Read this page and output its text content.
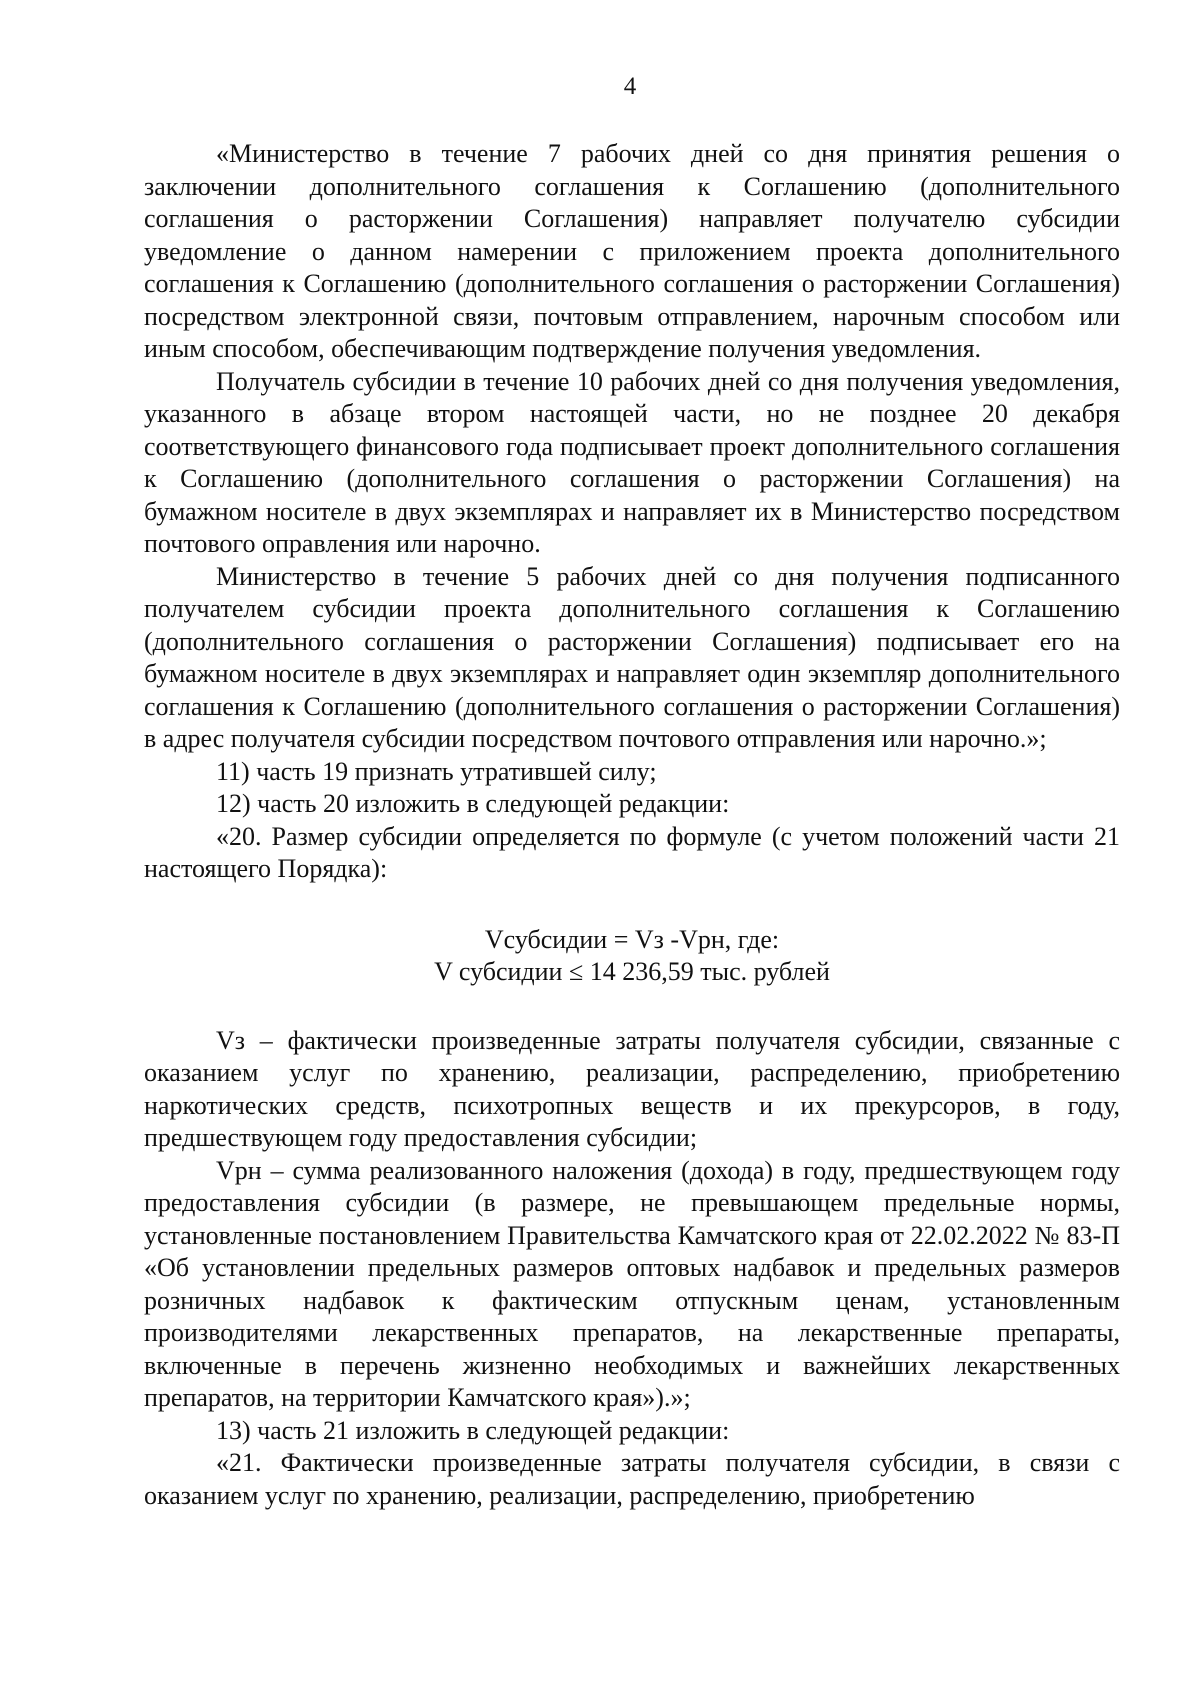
4

«Министерство в течение 7 рабочих дней со дня принятия решения о заключении дополнительного соглашения к Соглашению (дополнительного соглашения о расторжении Соглашения) направляет получателю субсидии уведомление о данном намерении с приложением проекта дополнительного соглашения к Соглашению (дополнительного соглашения о расторжении Соглашения) посредством электронной связи, почтовым отправлением, нарочным способом или иным способом, обеспечивающим подтверждение получения уведомления.

Получатель субсидии в течение 10 рабочих дней со дня получения уведомления, указанного в абзаце втором настоящей части, но не позднее 20 декабря соответствующего финансового года подписывает проект дополнительного соглашения к Соглашению (дополнительного соглашения о расторжении Соглашения) на бумажном носителе в двух экземплярах и направляет их в Министерство посредством почтового оправления или нарочно.

Министерство в течение 5 рабочих дней со дня получения подписанного получателем субсидии проекта дополнительного соглашения к Соглашению (дополнительного соглашения о расторжении Соглашения) подписывает его на бумажном носителе в двух экземплярах и направляет один экземпляр дополнительного соглашения к Соглашению (дополнительного соглашения о расторжении Соглашения) в адрес получателя субсидии посредством почтового отправления или нарочно.»;

11) часть 19 признать утратившей силу;

12) часть 20 изложить в следующей редакции:

«20. Размер субсидии определяется по формуле (с учетом положений части 21 настоящего Порядка):

Vсубсидии = Vз -Vрн, где:
V субсидии ≤ 14 236,59 тыс. рублей

Vз – фактически произведенные затраты получателя субсидии, связанные с оказанием услуг по хранению, реализации, распределению, приобретению наркотических средств, психотропных веществ и их прекурсоров, в году, предшествующем году предоставления субсидии;

Vрн – сумма реализованного наложения (дохода) в году, предшествующем году предоставления субсидии (в размере, не превышающем предельные нормы, установленные постановлением Правительства Камчатского края от 22.02.2022 № 83-П «Об установлении предельных размеров оптовых надбавок и предельных размеров розничных надбавок к фактическим отпускным ценам, установленным производителями лекарственных препаратов, на лекарственные препараты, включенные в перечень жизненно необходимых и важнейших лекарственных препаратов, на территории Камчатского края»).»;

13) часть 21 изложить в следующей редакции:

«21. Фактически произведенные затраты получателя субсидии, в связи с оказанием услуг по хранению, реализации, распределению, приобретению
